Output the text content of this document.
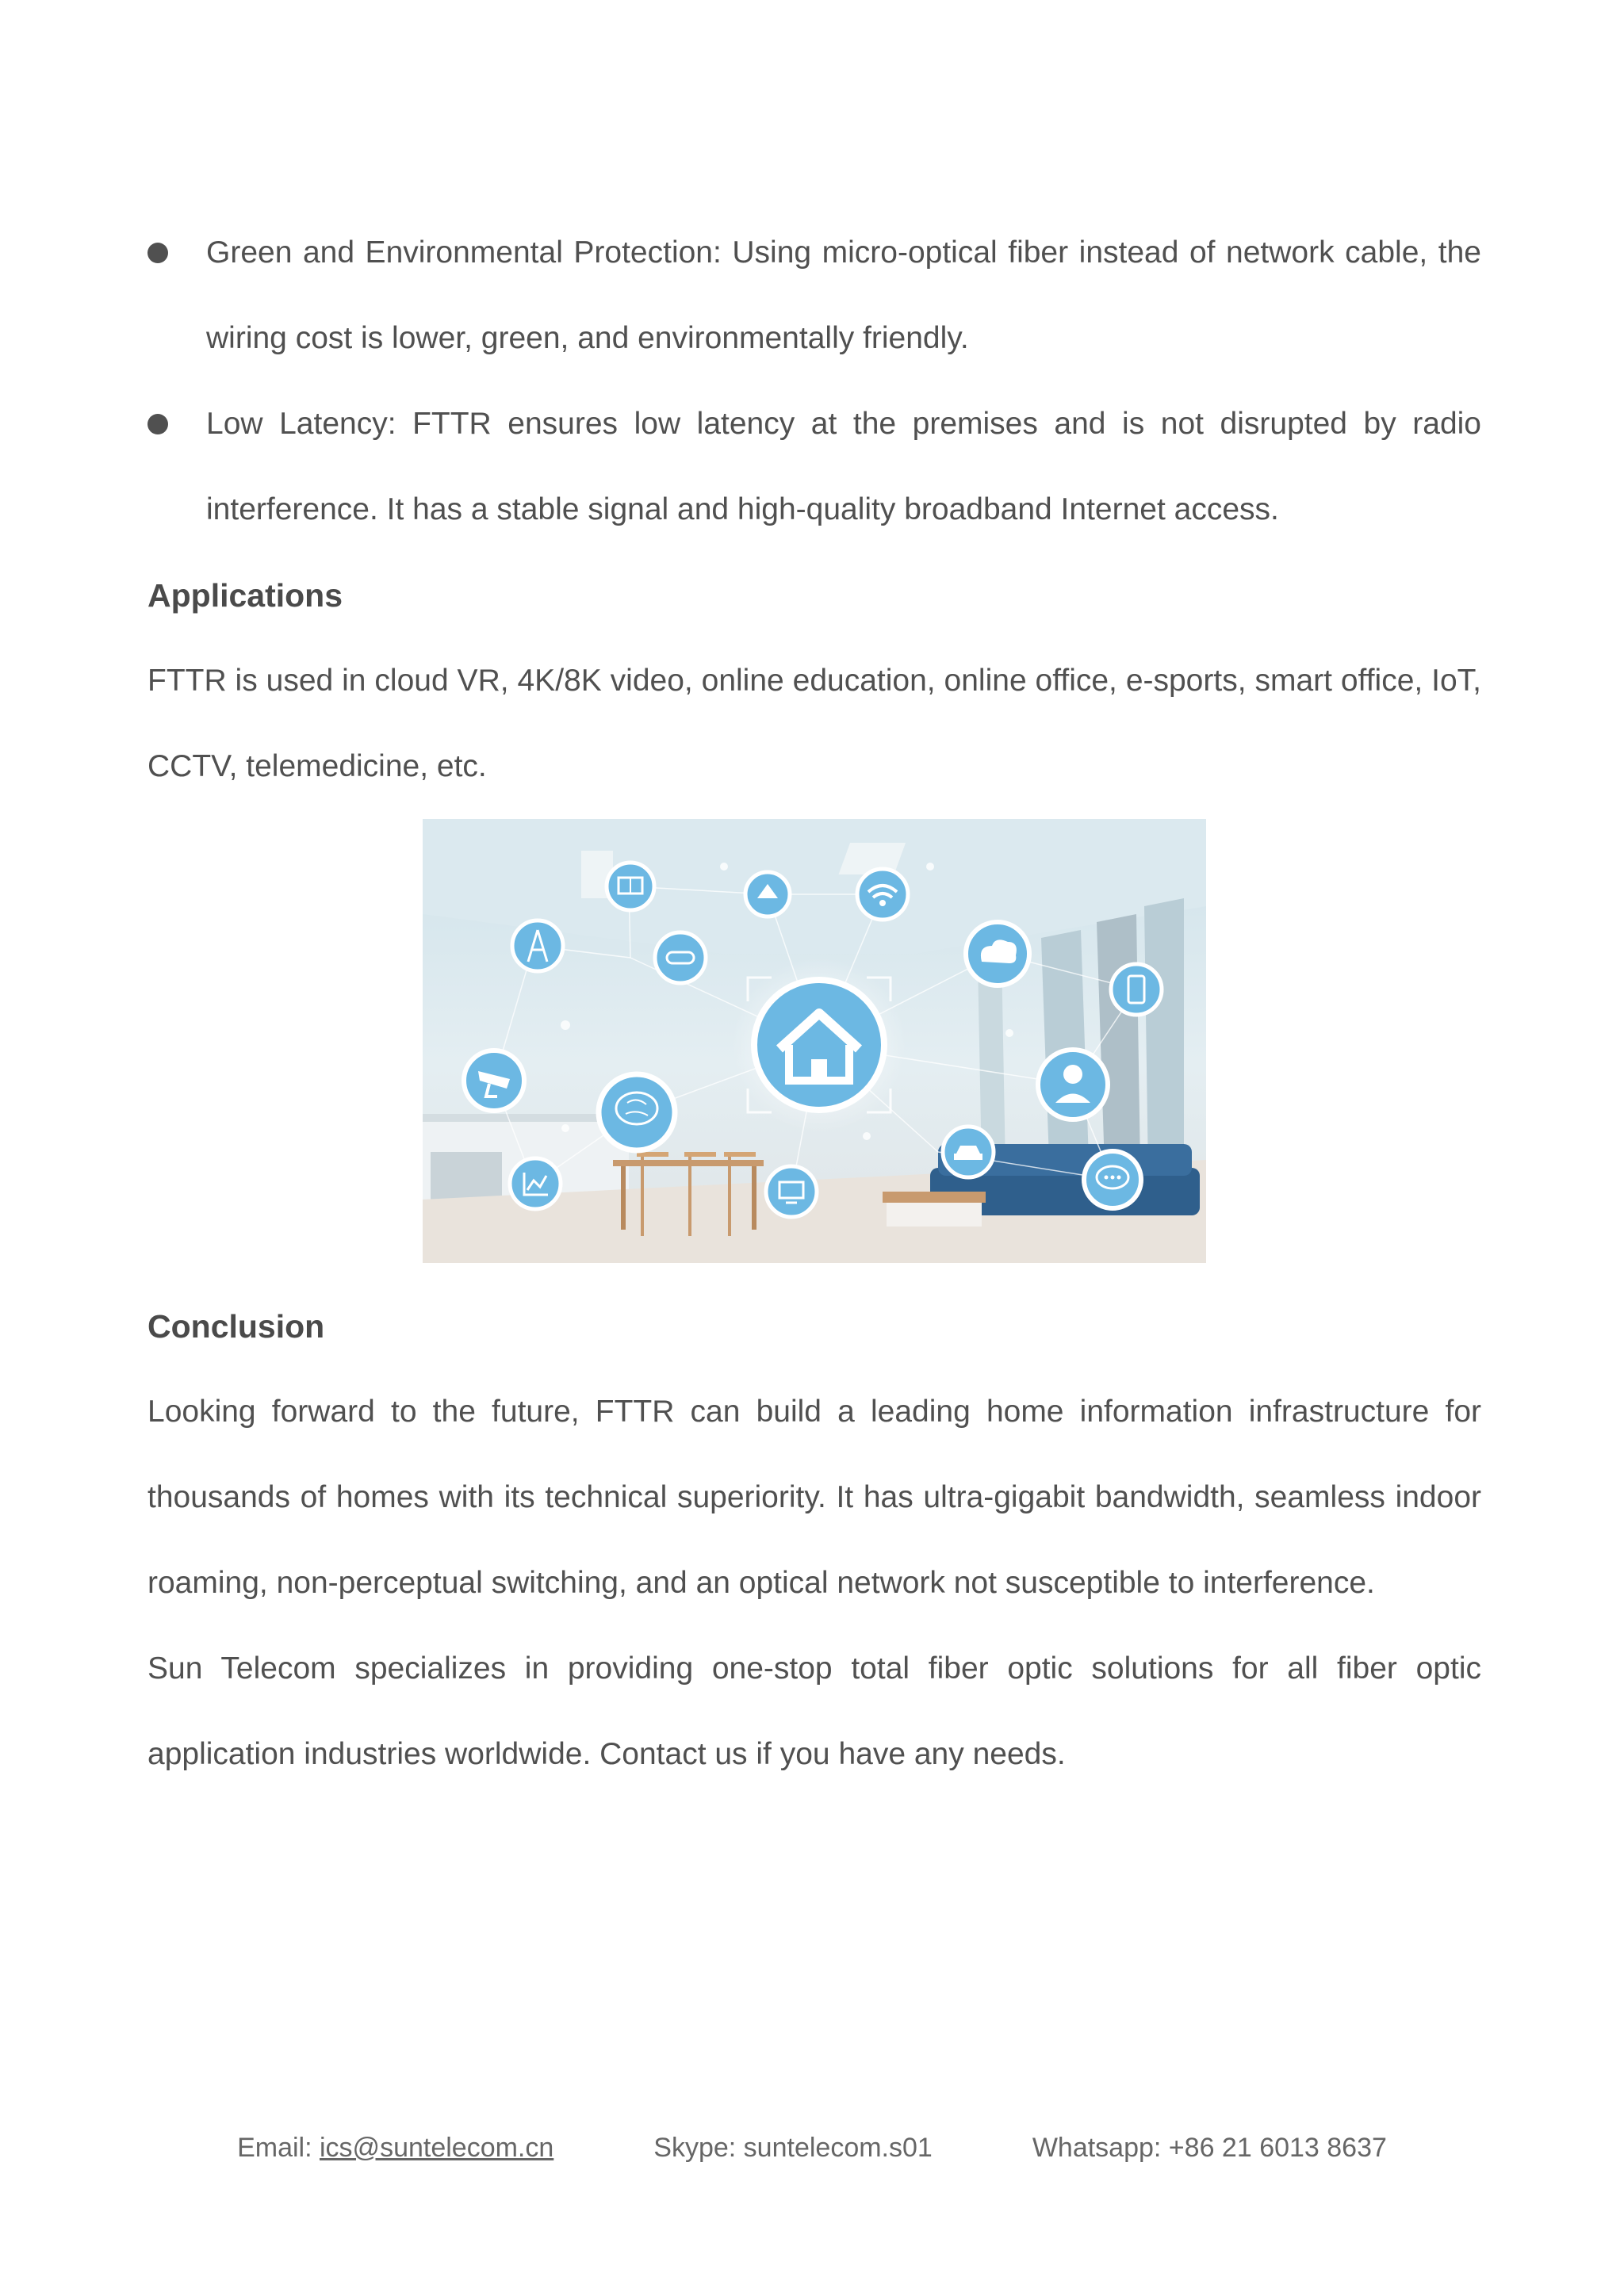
Green and Environmental Protection: Using micro-optical fiber instead of network cable, the wiring cost is lower, green, and environmentally friendly.
Low Latency: FTTR ensures low latency at the premises and is not disrupted by radio interference. It has a stable signal and high-quality broadband Internet access.
Applications
FTTR is used in cloud VR, 4K/8K video, online education, online office, e-sports, smart office, IoT, CCTV, telemedicine, etc.
Conclusion
Looking forward to the future, FTTR can build a leading home information infrastructure for thousands of homes with its technical superiority. It has ultra-gigabit bandwidth, seamless indoor roaming, non-perceptual switching, and an optical network not susceptible to interference.
Sun Telecom specializes in providing one-stop total fiber optic solutions for all fiber optic application industries worldwide. Contact us if you have any needs.
Email: ics@suntelecom.cn	Skype: suntelecom.s01	Whatsapp: +86 21 6013 8637
